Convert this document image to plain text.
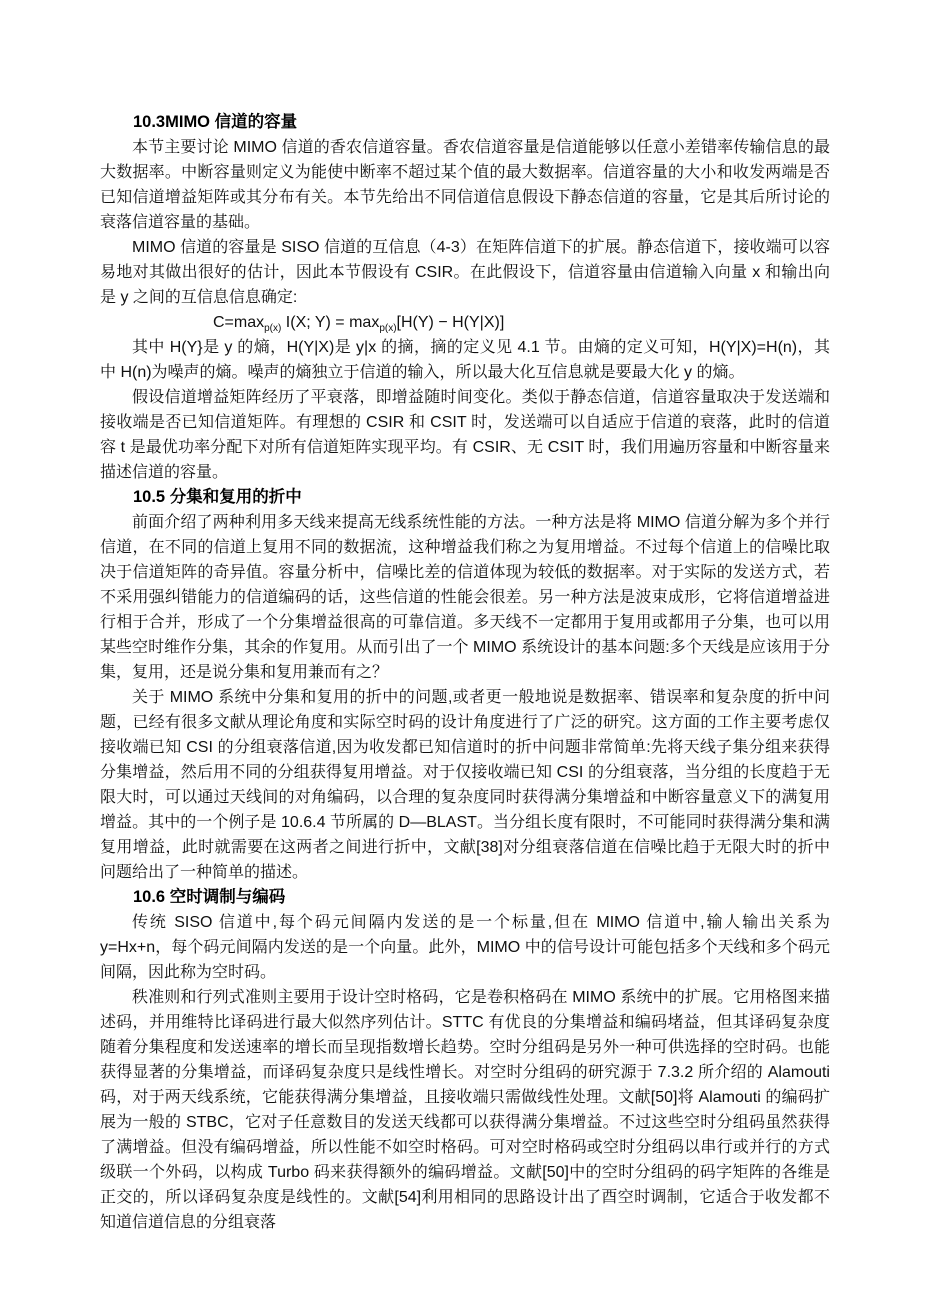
10.3MIMO 信道的容量

本节主要讨论 MIMO 信道的香农信道容量。香农信道容量是信道能够以任意小差错率传输信息的最大数据率。中断容量则定义为能使中断率不超过某个值的最大数据率。信道容量的大小和收发两端是否已知信道增益矩阵或其分布有关。本节先给出不同信道信息假设下静态信道的容量，它是其后所讨论的衰落信道容量的基础。

MIMO 信道的容量是 SISO 信道的互信息（4-3）在矩阵信道下的扩展。静态信道下，接收端可以容易地对其做出很好的估计，因此本节假设有 CSIR。在此假设下，信道容量由信道输入向量 x 和输出向是 y 之间的互信息信息确定:

$C=\max_{p(x)}$ I(X; $Y) = \max_{p(x)}[H(Y) - H(Y|X)]$

其中 H(Y}是 y 的熵，H(Y|X)是 y|x 的摘，摘的定义见 4.1 节。由熵的定义可知，H(Y|X)=H(n)，其中 H(n)为噪声的熵。噪声的熵独立于信道的输入，所以最大化互信息就是要最大化 y 的熵。

假设信道增益矩阵经历了平衰落，即增益随时间变化。类似于静态信道，信道容量取决于发送端和接收端是否已知信道矩阵。有理想的 CSIR 和 CSIT 时，发送端可以自适应于信道的衰落，此时的信道容 t 是最优功率分配下对所有信道矩阵实现平均。有 CSIR、无 CSIT 时，我们用遍历容量和中断容量来描述信道的容量。

10.5 分集和复用的折中

前面介绍了两种利用多天线来提高无线系统性能的方法。一种方法是将 MIMO 信道分解为多个并行信道，在不同的信道上复用不同的数据流，这种增益我们称之为复用增益。不过每个信道上的信噪比取决于信道矩阵的奇异值。容量分析中，信噪比差的信道体现为较低的数据率。对于实际的发送方式，若不采用强纠错能力的信道编码的话，这些信道的性能会很差。另一种方法是波束成形，它将信道增益进行相于合并，形成了一个分集增益很高的可靠信道。多天线不一定都用于复用或都用子分集，也可以用某些空时维作分集，其余的作复用。从而引出了一个 MIMO 系统设计的基本问题:多个天线是应该用于分集，复用，还是说分集和复用兼而有之？

关于 MIMO 系统中分集和复用的折中的问题,或者更一般地说是数据率、错误率和复杂度的折中问题，已经有很多文献从理论角度和实际空时码的设计角度进行了广泛的研究。这方面的工作主要考虑仅接收端已知 CSI 的分组衰落信道,因为收发都已知信道时的折中问题非常简单:先将天线子集分组来获得分集增益，然后用不同的分组获得复用增益。对于仅接收端已知 CSI 的分组衰落，当分组的长度趋于无限大时，可以通过天线间的对角编码，以合理的复杂度同时获得满分集增益和中断容量意义下的满复用增益。其中的一个例子是 10.6.4 节所属的 D—BLAST。当分组长度有限时，不可能同时获得满分集和满复用增益，此时就需要在这两者之间进行折中，文献[38]对分组衰落信道在信噪比趋于无限大时的折中问题给出了一种简单的描述。

10.6 空时调制与编码

传统 SISO 信道中,每个码元间隔内发送的是一个标量,但在 MIMO 信道中,输人输出关系为 y=Hx+n，每个码元间隔内发送的是一个向量。此外，MIMO 中的信号设计可能包括多个天线和多个码元间隔，因此称为空时码。

秩准则和行列式准则主要用于设计空时格码，它是卷积格码在 MIMO 系统中的扩展。它用格图来描述码，并用维特比译码进行最大似然序列估计。STTC 有优良的分集增益和编码堵益，但其译码复杂度随着分集程度和发送速率的增长而呈现指数增长趋势。空时分组码是另外一种可供选择的空时码。也能获得显著的分集增益，而译码复杂度只是线性增长。对空时分组码的研究源于 7.3.2 所介绍的 Alamouti 码，对于两天线系统，它能获得满分集增益，且接收端只需做线性处理。文献[50]将 Alamouti 的编码扩展为一般的 STBC，它对子任意数目的发送天线都可以获得满分集增益。不过这些空时分组码虽然获得了满增益。但没有编码增益，所以性能不如空时格码。可对空时格码或空时分组码以串行或并行的方式级联一个外码，以构成 Turbo 码来获得额外的编码增益。文献[50]中的空时分组码的码字矩阵的各维是正交的，所以译码复杂度是线性的。文献[54]利用相同的思路设计出了酉空时调制，它适合于收发都不知道信道信息的分组衰落
